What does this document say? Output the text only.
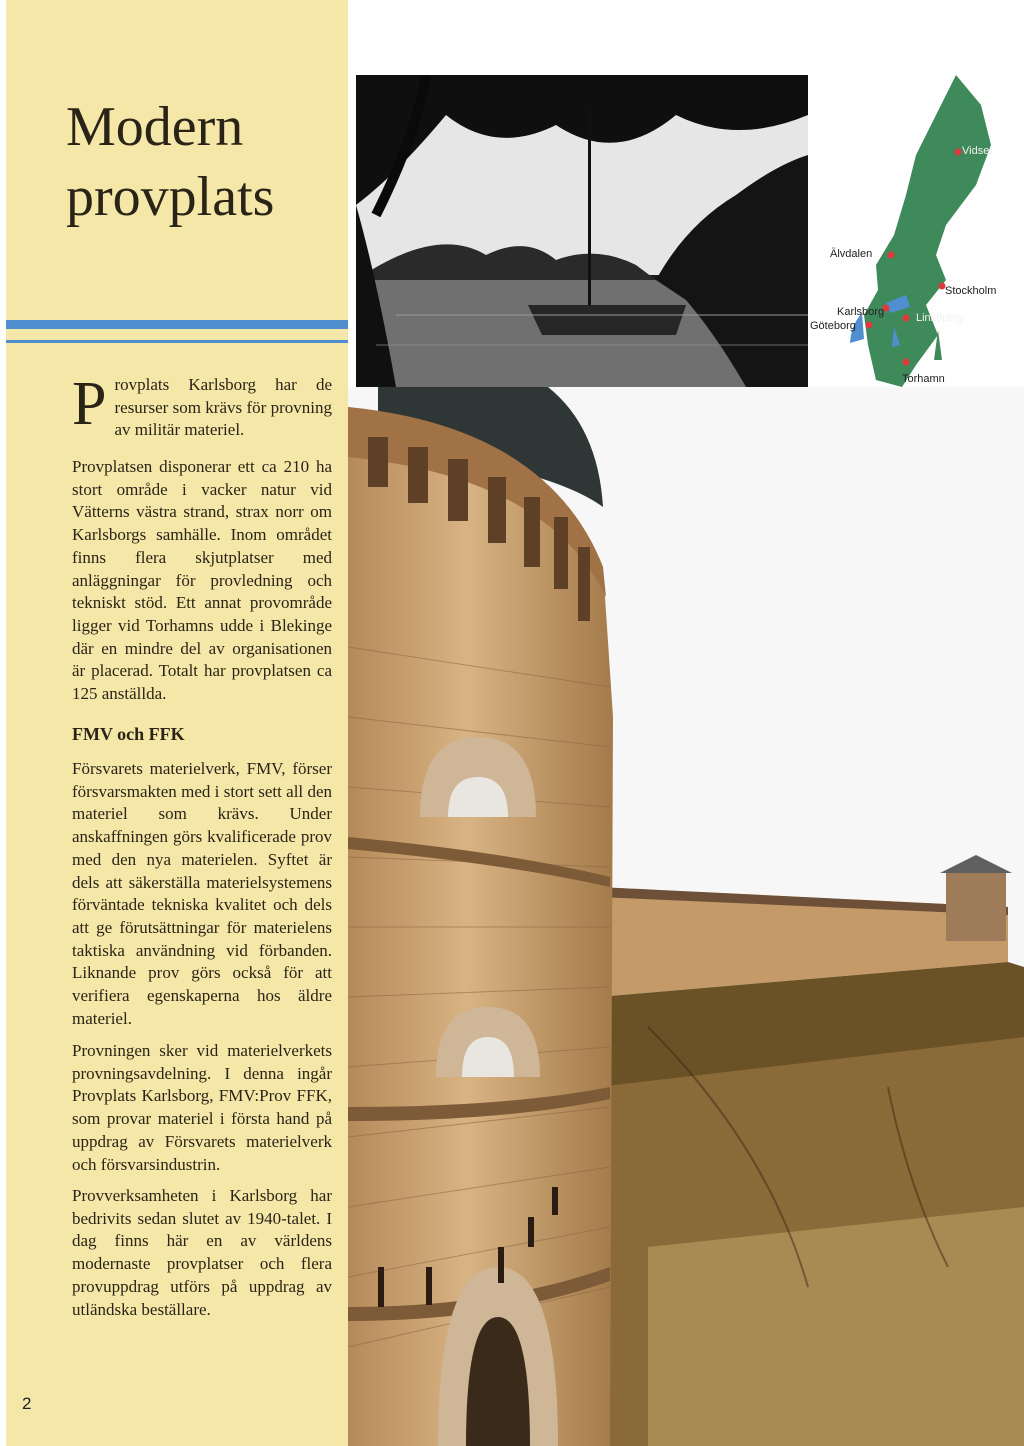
Modern
provplats
P rovplats Karlsborg har de resurser som krävs för provning av militär materiel.

Provplatsen disponerar ett ca 210 ha stort område i vacker natur vid Vätterns västra strand, strax norr om Karlsborgs samhälle. Inom området finns flera skjutplatser med anläggningar för provledning och tekniskt stöd. Ett annat provområde ligger vid Torhamns udde i Blekinge där en mindre del av organisationen är placerad. Totalt har provplatsen ca 125 anställda.

FMV och FFK

Försvarets materielverk, FMV, förser försvarsmakten med i stort sett all den materiel som krävs. Under anskaffningen görs kvalificerade prov med den nya materielen. Syftet är dels att säkerställa materielsystemens förväntade tekniska kvalitet och dels att ge förutsättningar för materielens taktiska användning vid förbanden. Liknande prov görs också för att verifiera egenskaperna hos äldre materiel.

Provningen sker vid materielverkets provningsavdelning. I denna ingår Provplats Karlsborg, FMV:Prov FFK, som provar materiel i första hand på uppdrag av Försvarets materielverk och försvarsindustrin.

Provverksamheten i Karlsborg har bedrivits sedan slutet av 1940-talet. I dag finns här en av världens modernaste provplatser och flera provuppdrag utförs på uppdrag av utländska beställare.

2
Vidsel
Älvdalen
Stockholm
Karlsborg
Göteborg
Linköping
Torhamn
